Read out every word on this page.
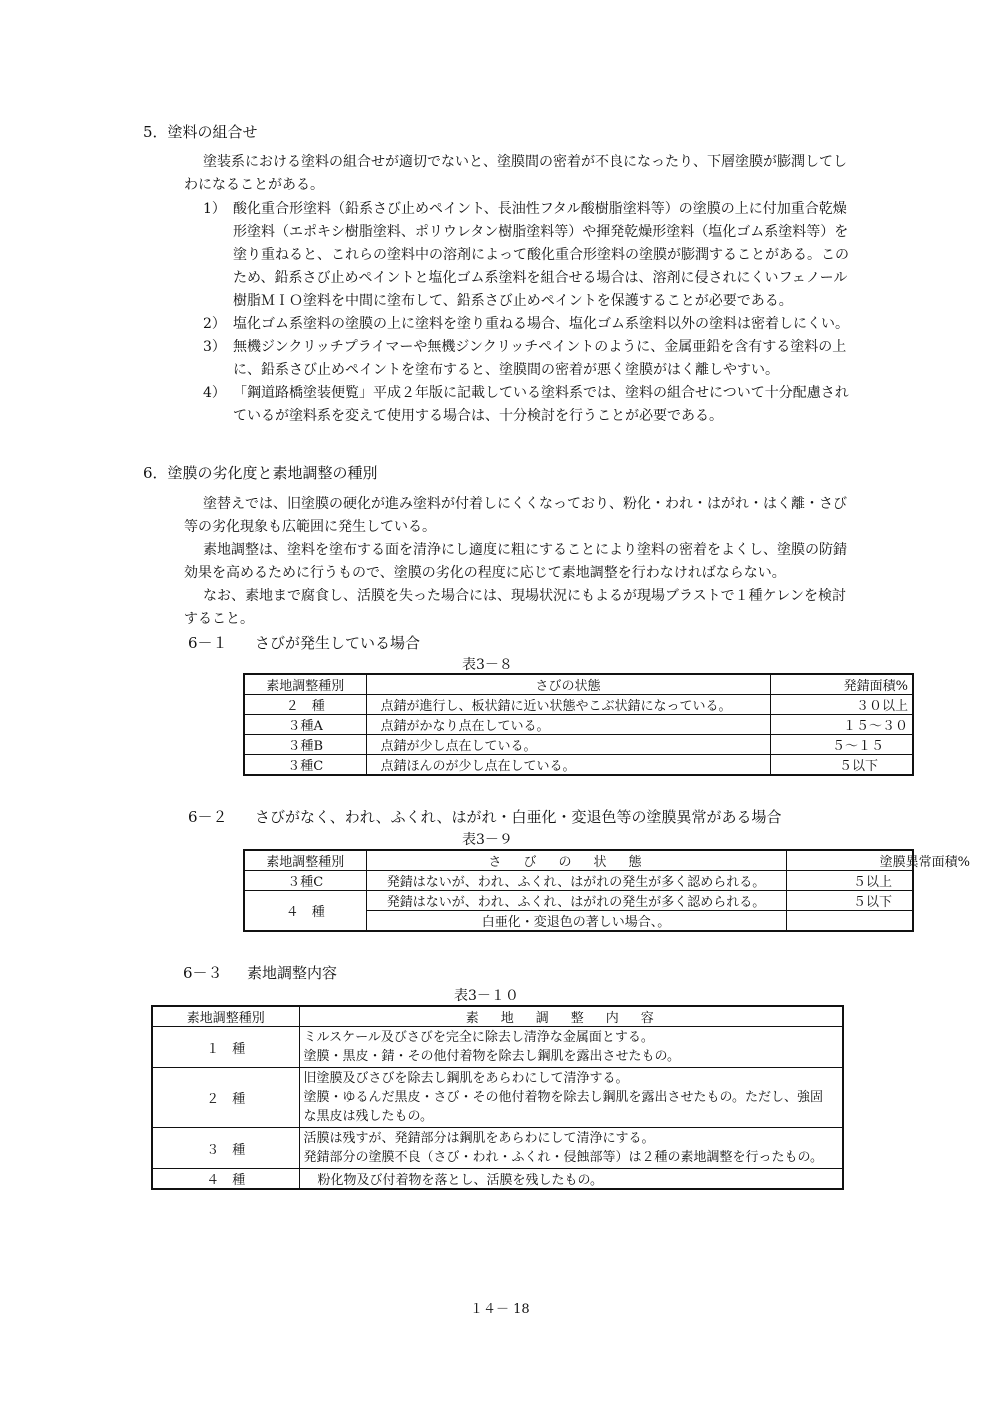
5．塗料の組合せ
塗装系における塗料の組合せが適切でないと、塗膜間の密着が不良になったり、下層塗膜が膨潤してし
わになることがある。
1） 酸化重合形塗料（鉛系さび止めペイント、長油性フタル酸樹脂塗料等）の塗膜の上に付加重合乾燥
形塗料（エポキシ樹脂塗料、ポリウレタン樹脂塗料等）や揮発乾燥形塗料（塩化ゴム系塗料等）を
塗り重ねると、これらの塗料中の溶剤によって酸化重合形塗料の塗膜が膨潤することがある。この
ため、鉛系さび止めペイントと塩化ゴム系塗料を組合せる場合は、溶剤に侵されにくいフェノール
樹脂ＭＩＯ塗料を中間に塗布して、鉛系さび止めペイントを保護することが必要である。
2） 塩化ゴム系塗料の塗膜の上に塗料を塗り重ねる場合、塩化ゴム系塗料以外の塗料は密着しにくい。
3） 無機ジンクリッチプライマーや無機ジンクリッチペイントのように、金属亜鉛を含有する塗料の上
に、鉛系さび止めペイントを塗布すると、塗膜間の密着が悪く塗膜がはく離しやすい。
4） 「鋼道路橋塗装便覧」平成２年版に記載している塗料系では、塗料の組合せについて十分配慮され
ているが塗料系を変えて使用する場合は、十分検討を行うことが必要である。
6．塗膜の劣化度と素地調整の種別
塗替えでは、旧塗膜の硬化が進み塗料が付着しにくくなっており、粉化・われ・はがれ・はく離・さび
等の劣化現象も広範囲に発生している。
素地調整は、塗料を塗布する面を清浄にし適度に粗にすることにより塗料の密着をよくし、塗膜の防錆
効果を高めるために行うもので、塗膜の劣化の程度に応じて素地調整を行わなければならない。
なお、素地まで腐食し、活膜を失った場合には、現場状況にもよるが現場ブラストで１種ケレンを検討
すること。
6－１ さびが発生している場合
表3－８
素地調整種別	さびの状態	発錆面積%
２　種	点錆が進行し、板状錆に近い状態やこぶ状錆になっている。	３０以上
３種A	点錆がかなり点在している。	１５～３０
３種B	点錆が少し点在している。	５～１５
３種C	点錆ほんのが少し点在している。	５以下
6－２ さびがなく、われ、ふくれ、はがれ・白亜化・変退色等の塗膜異常がある場合
表3－９
素地調整種別	さびの状態	塗膜異常面積%
３種C	発錆はないが、われ、ふくれ、はがれの発生が多く認められる。	５以上
４　種	発錆はないが、われ、ふくれ、はがれの発生が多く認められる。	５以下
	白亜化・変退色の著しい場合、。	
6－３ 素地調整内容
表3－１０
素地調整種別	素地調整内容
１　種	ミルスケール及びさびを完全に除去し清浄な金属面とする。
塗膜・黒皮・錆・その他付着物を除去し鋼肌を露出させたもの。

２　種	旧塗膜及びさびを除去し鋼肌をあらわにして清浄する。
塗膜・ゆるんだ黒皮・さび・その他付着物を除去し鋼肌を露出させたもの。ただし、強固
な黒皮は残したもの。

３　種	活膜は残すが、発錆部分は鋼肌をあらわにして清浄にする。
発錆部分の塗膜不良（さび・われ・ふくれ・侵蝕部等）は２種の素地調整を行ったもの。

４　種	粉化物及び付着物を落とし、活膜を残したもの。
１４－ 18
